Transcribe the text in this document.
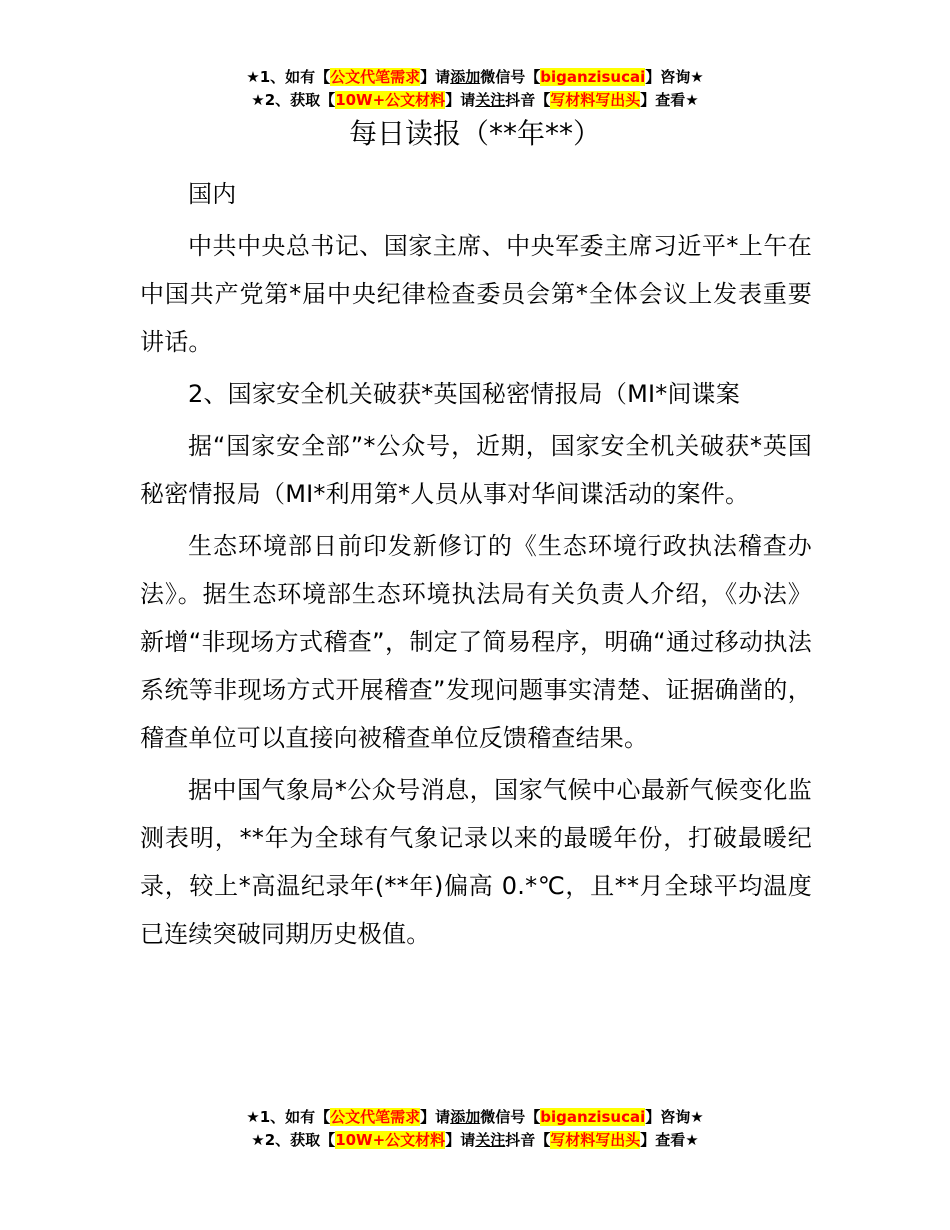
★1、如有【公文代笔需求】请添加微信号【biganzisucai】咨询★
★2、获取【10W+公文材料】请关注抖音【写材料写出头】查看★
每日读报（**年**）

国内

中共中央总书记、国家主席、中央军委主席习近平*上午在中国共产党第*届中央纪律检查委员会第*全体会议上发表重要讲话。

2、国家安全机关破获*英国秘密情报局（MI*间谍案

据“国家安全部”*公众号，近期，国家安全机关破获*英国秘密情报局（MI*利用第*人员从事对华间谍活动的案件。

生态环境部日前印发新修订的《生态环境行政执法稽查办法》。据生态环境部生态环境执法局有关负责人介绍，《办法》新增“非现场方式稽查”，制定了简易程序，明确“通过移动执法系统等非现场方式开展稽查”发现问题事实清楚、证据确凿的，稽查单位可以直接向被稽查单位反馈稽查结果。

据中国气象局*公众号消息，国家气候中心最新气候变化监测表明，**年为全球有气象记录以来的最暖年份，打破最暖纪录，较上*高温纪录年(**年)偏高 0.*℃，且**月全球平均温度已连续突破同期历史极值。

★1、如有【公文代笔需求】请添加微信号【biganzisucai】咨询★
★2、获取【10W+公文材料】请关注抖音【写材料写出头】查看★
